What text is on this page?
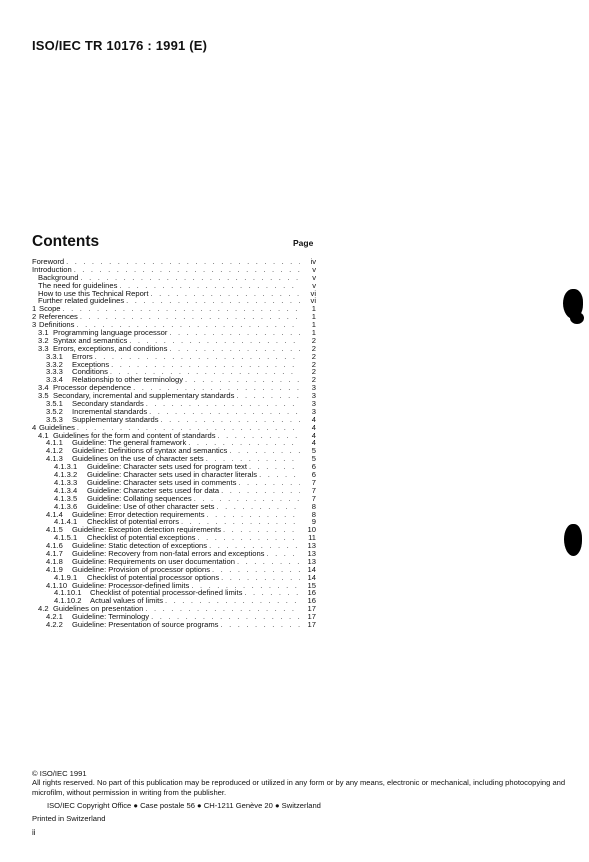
ISO/IEC TR 10176 : 1991 (E)
Contents	Page
Foreword . . .	iv
Introduction . . .	v
Background . . .	v
The need for guidelines . . .	v
How to use this Technical Report . . .	vi
Further related guidelines . . .	vi
1 Scope . . .	1
2 References . . .	1
3 Definitions . . .	1
3.1 Programming language processor . . .	1
3.2 Syntax and semantics . . .	2
3.3 Errors, exceptions, and conditions . . .	2
3.3.1	Errors . . .	2
3.3.2	Exceptions . . .	2
3.3.3	Conditions . . .	2
3.3.4	Relationship to other terminology . . .	2
3.4 Processor dependence . . .	3
3.5 Secondary, incremental and supplementary standards . . .	3
3.5.1	Secondary standards . . .	3
3.5.2	Incremental standards . . .	3
3.5.3	Supplementary standards . . .	4
4 Guidelines . . .	4
4.1 Guidelines for the form and content of standards . . .	4
4.1.1	Guideline: The general framework . . .	4
4.1.2	Guideline: Definitions of syntax and semantics . . .	5
4.1.3	Guidelines on the use of character sets . . .	5
4.1.3.1	Guideline: Character sets used for program text . . .	6
4.1.3.2	Guideline: Character sets used in character literals . . .	6
4.1.3.3	Guideline: Character sets used in comments . . .	7
4.1.3.4	Guideline: Character sets used for data . . .	7
4.1.3.5	Guideline: Collating sequences . . .	7
4.1.3.6	Guideline: Use of other character sets . . .	8
4.1.4	Guideline: Error detection requirements . . .	8
4.1.4.1	Checklist of potential errors . . .	9
4.1.5	Guideline: Exception detection requirements . . .	10
4.1.5.1	Checklist of potential exceptions . . .	11
4.1.6	Guideline: Static detection of exceptions . . .	13
4.1.7	Guideline: Recovery from non-fatal errors and exceptions . . .	13
4.1.8	Guideline: Requirements on user documentation . . .	13
4.1.9	Guideline: Provision of processor options . . .	14
4.1.9.1	Checklist of potential processor options . . .	14
4.1.10 Guideline: Processor-defined limits . . .	15
4.1.10.1	Checklist of potential processor-defined limits . . .	16
4.1.10.2	Actual values of limits . . .	16
4.2 Guidelines on presentation . . .	17
4.2.1	Guideline: Terminology . . .	17
4.2.2	Guideline: Presentation of source programs . . .	17

© ISO/IEC 1991

All rights reserved. No part of this publication may be reproduced or utilized in any form or by any means, electronic or mechanical, including photocopying and microfilm, without permission in writing from the publisher.

ISO/IEC Copyright Office ● Case postale 56 ● CH-1211 Genève 20 ● Switzerland

Printed in Switzerland

ii
